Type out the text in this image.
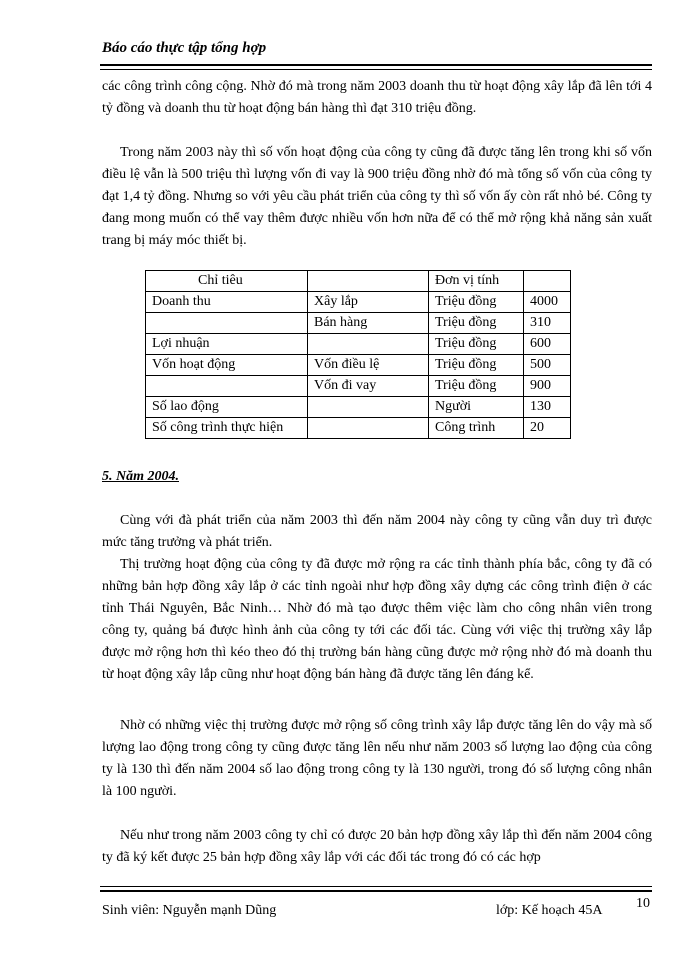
Báo cáo thực tập tổng hợp

các công trình công cộng. Nhờ đó mà trong năm 2003 doanh thu từ hoạt động xây lắp đã lên tới 4 tỷ đồng và doanh thu từ hoạt động bán hàng thì đạt 310 triệu đồng.

Trong năm 2003 này thì số vốn hoạt động của công ty cũng đã được tăng lên trong khi số vốn điều lệ vẫn là 500 triệu thì lượng vốn đi vay là 900 triệu đồng nhờ đó mà tổng số vốn của công ty đạt 1,4 tỷ đồng. Nhưng so với yêu cầu phát triển của công ty thì số vốn ấy còn rất nhỏ bé. Công ty đang mong muốn có thể vay thêm được nhiều vốn hơn nữa để có thể mở rộng khả năng sản xuất trang bị máy móc thiết bị.

Chỉ tiêu		Đơn vị tính	
Doanh thu	Xây lắp	Triệu đồng	4000
	Bán hàng	Triệu đồng	310
Lợi nhuận		Triệu đồng	600
Vốn hoạt động	Vốn điều lệ	Triệu đồng	500
	Vốn đi vay	Triệu đồng	900
Số lao động		Người	130
Số công trình thực hiện		Công trình	20
5. Năm 2004.

Cùng với đà phát triển của năm 2003 thì đến năm 2004 này công ty cũng vẫn duy trì được mức tăng trưởng và phát triển.

Thị trường hoạt động của công ty đã được mở rộng ra các tỉnh thành phía bắc, công ty đã có những bản hợp đồng xây lắp ở các tỉnh ngoài như hợp đồng xây dựng các công trình điện ở các tỉnh Thái Nguyên, Bắc Ninh… Nhờ đó mà tạo được thêm việc làm cho công nhân viên trong công ty, quảng bá được hình ảnh của công ty tới các đối tác. Cùng với việc thị trường xây lắp được mở rộng hơn thì kéo theo đó thị trường bán hàng cũng được mở rộng nhờ đó mà doanh thu từ hoạt động xây lắp cũng như hoạt động bán hàng đã được tăng lên đáng kể.

Nhờ có những việc thị trường được mở rộng số công trình xây lắp được tăng lên do vậy mà số lượng lao động trong công ty cũng được tăng lên nếu như năm 2003 số lượng lao động của công ty là 130 thì đến năm 2004 số lao động trong công ty là 130 người, trong đó số lượng công nhân là 100 người.

Nếu như trong năm 2003 công ty chỉ có được 20 bản hợp đồng xây lắp thì đến năm 2004 công ty đã ký kết được 25 bản hợp đồng xây lắp với các đối tác trong đó có các hợp

Sinh viên: Nguyễn mạnh Dũng	lớp: Kế hoạch 45A 10
